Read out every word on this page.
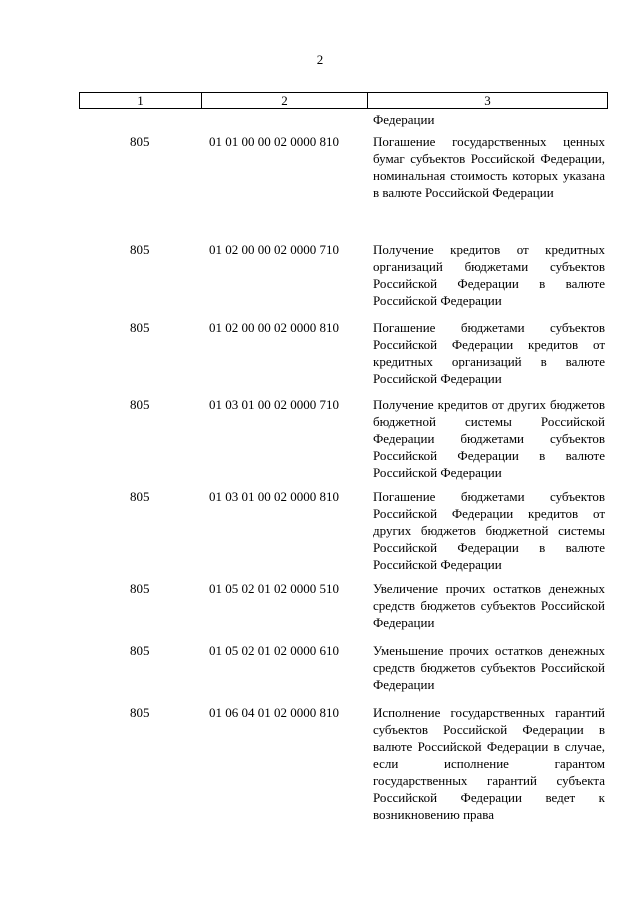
2
1	2	3
Федерации
805	01 01 00 00 02 0000 810	Погашение государственных ценных бумаг субъектов Российской Федерации, номинальная стоимость которых указана в валюте Российской Федерации
805	01 02 00 00 02 0000 710	Получение кредитов от кредитных организаций бюджетами субъектов Российской Федерации в валюте Российской Федерации
805	01 02 00 00 02 0000 810	Погашение бюджетами субъектов Российской Федерации кредитов от кредитных организаций в валюте Российской Федерации
805	01 03 01 00 02 0000 710	Получение кредитов от других бюджетов бюджетной системы Российской Федерации бюджетами субъектов Российской Федерации в валюте Российской Федерации
805	01 03 01 00 02 0000 810	Погашение бюджетами субъектов Российской Федерации кредитов от других бюджетов бюджетной системы Российской Федерации в валюте Российской Федерации
805	01 05 02 01 02 0000 510	Увеличение прочих остатков денежных средств бюджетов субъектов Российской Федерации
805	01 05 02 01 02 0000 610	Уменьшение прочих остатков денежных средств бюджетов субъектов Российской Федерации
805	01 06 04 01 02 0000 810	Исполнение государственных гарантий субъектов Российской Федерации в валюте Российской Федерации в случае, если исполнение гарантом государственных гарантий субъекта Российской Федерации ведет к возникновению права
